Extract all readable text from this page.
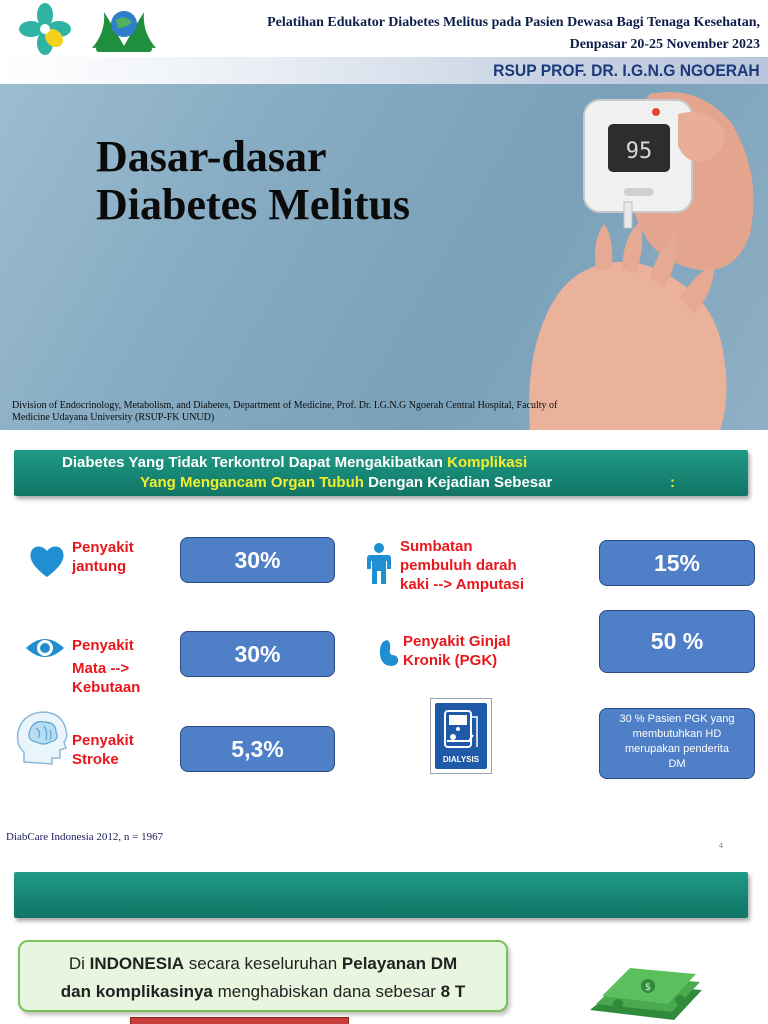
Pelatihan Edukator Diabetes Melitus pada Pasien Dewasa Bagi Tenaga Kesehatan,
Denpasar 20-25 November 2023
RSUP PROF. DR. I.G.N.G NGOERAH
Dasar-dasar
Diabetes Melitus
95
Division of Endocrinology, Metabolism, and Diabetes, Department of Medicine, Prof. Dr. I.G.N.G Ngoerah Central Hospital, Faculty of Medicine Udayana University (RSUP-FK UNUD)
Diabetes Yang Tidak Terkontrol Dapat Mengakibatkan Komplikasi
Yang Mengancam Organ Tubuh Dengan Kejadian Sebesar	:
Penyakit
jantung	30%
Penyakit
Mata -->
Kebutaan
30%
Penyakit
Stroke	5,3%
Sumbatan
pembuluh darah
kaki --> Amputasi
15%
Penyakit Ginjal
Kronik (PGK)
50 %
DIALYSIS
30 % Pasien PGK yang
membutuhkan HD
merupakan penderita
DM
DiabCare Indonesia 2012, n = 1967
4
Di INDONESIA secara keseluruhan Pelayanan DM
dan komplikasinya menghabiskan dana sebesar 8 T	$
